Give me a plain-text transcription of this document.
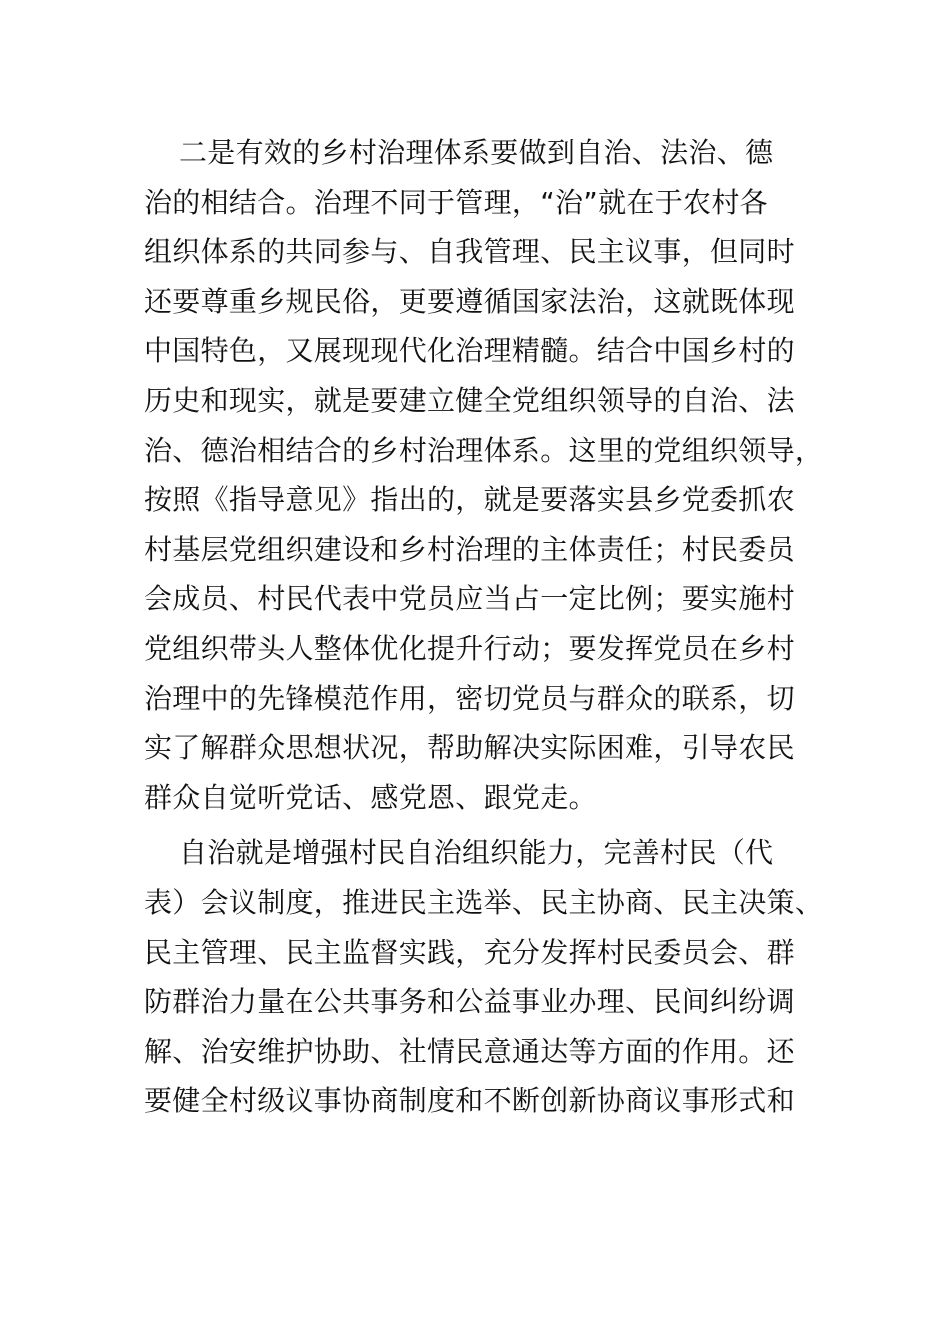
二是有效的乡村治理体系要做到自治、法治、德
治的相结合。治理不同于管理，“治”就在于农村各
组织体系的共同参与、自我管理、民主议事，但同时
还要尊重乡规民俗，更要遵循国家法治，这就既体现
中国特色，又展现现代化治理精髓。结合中国乡村的
历史和现实，就是要建立健全党组织领导的自治、法
治、德治相结合的乡村治理体系。这里的党组织领导，
按照《指导意见》指出的，就是要落实县乡党委抓农
村基层党组织建设和乡村治理的主体责任；村民委员
会成员、村民代表中党员应当占一定比例；要实施村
党组织带头人整体优化提升行动；要发挥党员在乡村
治理中的先锋模范作用，密切党员与群众的联系，切
实了解群众思想状况，帮助解决实际困难，引导农民
群众自觉听党话、感党恩、跟党走。
自治就是增强村民自治组织能力，完善村民（代
表）会议制度，推进民主选举、民主协商、民主决策、
民主管理、民主监督实践，充分发挥村民委员会、群
防群治力量在公共事务和公益事业办理、民间纠纷调
解、治安维护协助、社情民意通达等方面的作用。还
要健全村级议事协商制度和不断创新协商议事形式和
